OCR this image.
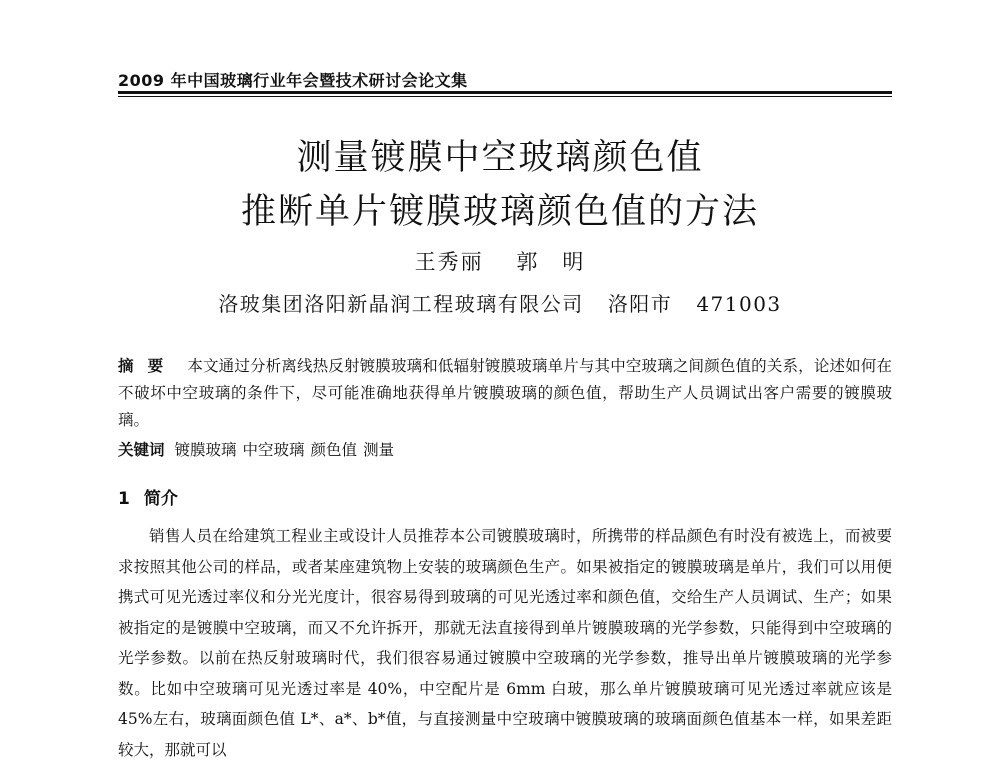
2009 年中国玻璃行业年会暨技术研讨会论文集
测量镀膜中空玻璃颜色值
推断单片镀膜玻璃颜色值的方法
王秀丽 郭　明
洛玻集团洛阳新晶润工程玻璃有限公司 洛阳市 471003
摘要 本文通过分析离线热反射镀膜玻璃和低辐射镀膜玻璃单片与其中空玻璃之间颜色值的关系，论述如何在不破坏中空玻璃的条件下，尽可能准确地获得单片镀膜玻璃的颜色值，帮助生产人员调试出客户需要的镀膜玻璃。
关键词 镀膜玻璃 中空玻璃 颜色值 测量
1 简介
销售人员在给建筑工程业主或设计人员推荐本公司镀膜玻璃时，所携带的样品颜色有时没有被选上，而被要求按照其他公司的样品，或者某座建筑物上安装的玻璃颜色生产。如果被指定的镀膜玻璃是单片，我们可以用便携式可见光透过率仪和分光光度计，很容易得到玻璃的可见光透过率和颜色值，交给生产人员调试、生产；如果被指定的是镀膜中空玻璃，而又不允许拆开，那就无法直接得到单片镀膜玻璃的光学参数，只能得到中空玻璃的光学参数。以前在热反射玻璃时代，我们很容易通过镀膜中空玻璃的光学参数，推导出单片镀膜玻璃的光学参数。比如中空玻璃可见光透过率是 40%，中空配片是 6mm 白玻，那么单片镀膜玻璃可见光透过率就应该是 45%左右，玻璃面颜色值 L*、a*、b*值，与直接测量中空玻璃中镀膜玻璃的玻璃面颜色值基本一样，如果差距较大，那就可以
